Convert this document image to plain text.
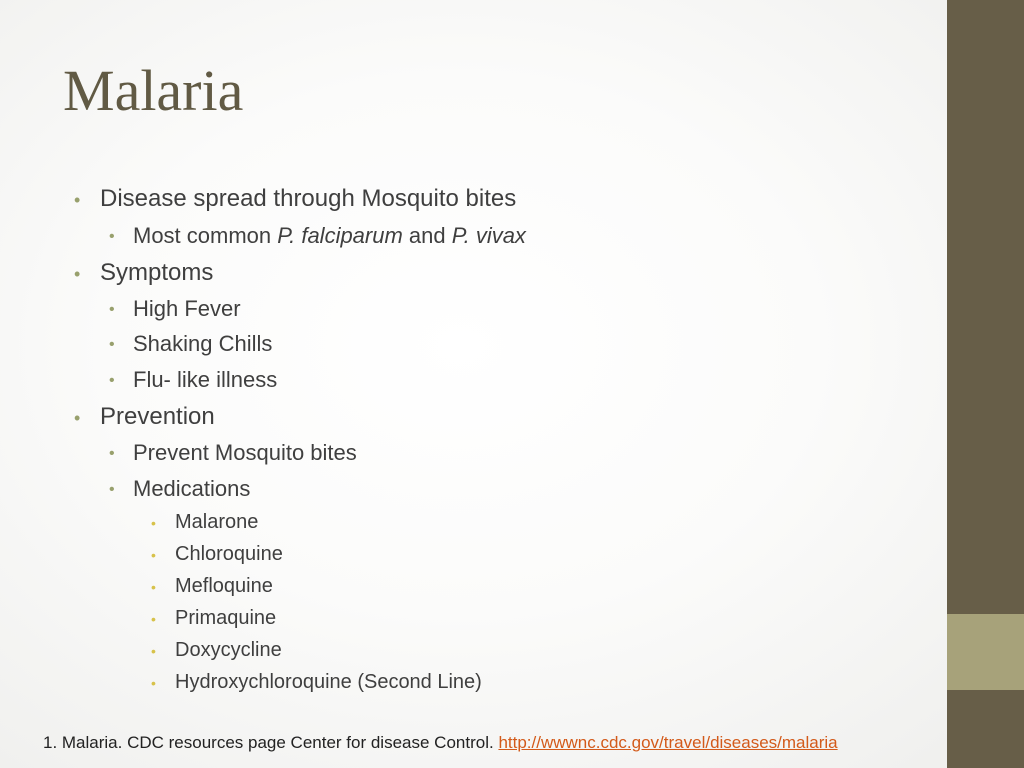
Malaria
• Disease spread through Mosquito bites
• Most common P. falciparum and P. vivax
• Symptoms
• High Fever
• Shaking Chills
• Flu- like illness
• Prevention
• Prevent Mosquito bites
• Medications
• Malarone
• Chloroquine
• Mefloquine
• Primaquine
• Doxycycline
• Hydroxychloroquine (Second Line)
1. Malaria. CDC resources page Center for disease Control. http://wwwnc.cdc.gov/travel/diseases/malaria
